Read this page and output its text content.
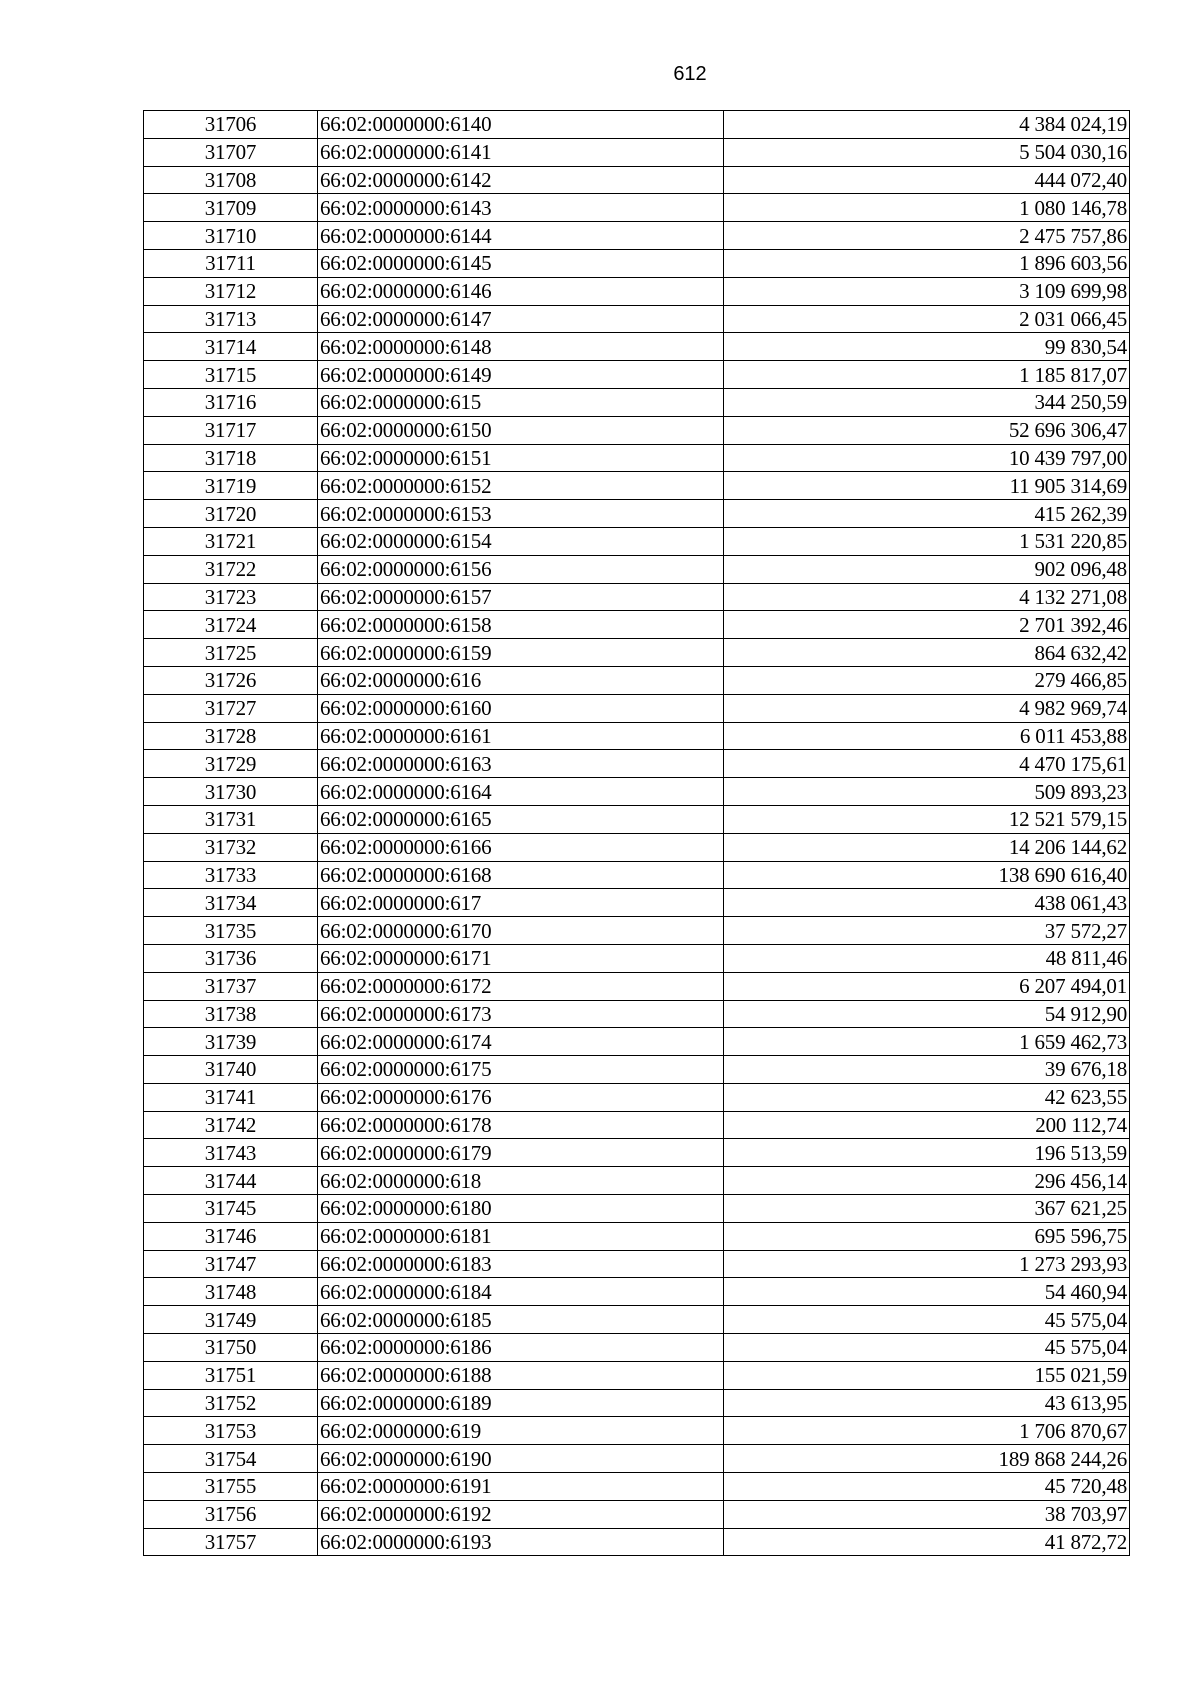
612
31706	66:02:0000000:6140	4 384 024,19
31707	66:02:0000000:6141	5 504 030,16
31708	66:02:0000000:6142	444 072,40
31709	66:02:0000000:6143	1 080 146,78
31710	66:02:0000000:6144	2 475 757,86
31711	66:02:0000000:6145	1 896 603,56
31712	66:02:0000000:6146	3 109 699,98
31713	66:02:0000000:6147	2 031 066,45
31714	66:02:0000000:6148	99 830,54
31715	66:02:0000000:6149	1 185 817,07
31716	66:02:0000000:615	344 250,59
31717	66:02:0000000:6150	52 696 306,47
31718	66:02:0000000:6151	10 439 797,00
31719	66:02:0000000:6152	11 905 314,69
31720	66:02:0000000:6153	415 262,39
31721	66:02:0000000:6154	1 531 220,85
31722	66:02:0000000:6156	902 096,48
31723	66:02:0000000:6157	4 132 271,08
31724	66:02:0000000:6158	2 701 392,46
31725	66:02:0000000:6159	864 632,42
31726	66:02:0000000:616	279 466,85
31727	66:02:0000000:6160	4 982 969,74
31728	66:02:0000000:6161	6 011 453,88
31729	66:02:0000000:6163	4 470 175,61
31730	66:02:0000000:6164	509 893,23
31731	66:02:0000000:6165	12 521 579,15
31732	66:02:0000000:6166	14 206 144,62
31733	66:02:0000000:6168	138 690 616,40
31734	66:02:0000000:617	438 061,43
31735	66:02:0000000:6170	37 572,27
31736	66:02:0000000:6171	48 811,46
31737	66:02:0000000:6172	6 207 494,01
31738	66:02:0000000:6173	54 912,90
31739	66:02:0000000:6174	1 659 462,73
31740	66:02:0000000:6175	39 676,18
31741	66:02:0000000:6176	42 623,55
31742	66:02:0000000:6178	200 112,74
31743	66:02:0000000:6179	196 513,59
31744	66:02:0000000:618	296 456,14
31745	66:02:0000000:6180	367 621,25
31746	66:02:0000000:6181	695 596,75
31747	66:02:0000000:6183	1 273 293,93
31748	66:02:0000000:6184	54 460,94
31749	66:02:0000000:6185	45 575,04
31750	66:02:0000000:6186	45 575,04
31751	66:02:0000000:6188	155 021,59
31752	66:02:0000000:6189	43 613,95
31753	66:02:0000000:619	1 706 870,67
31754	66:02:0000000:6190	189 868 244,26
31755	66:02:0000000:6191	45 720,48
31756	66:02:0000000:6192	38 703,97
31757	66:02:0000000:6193	41 872,72
